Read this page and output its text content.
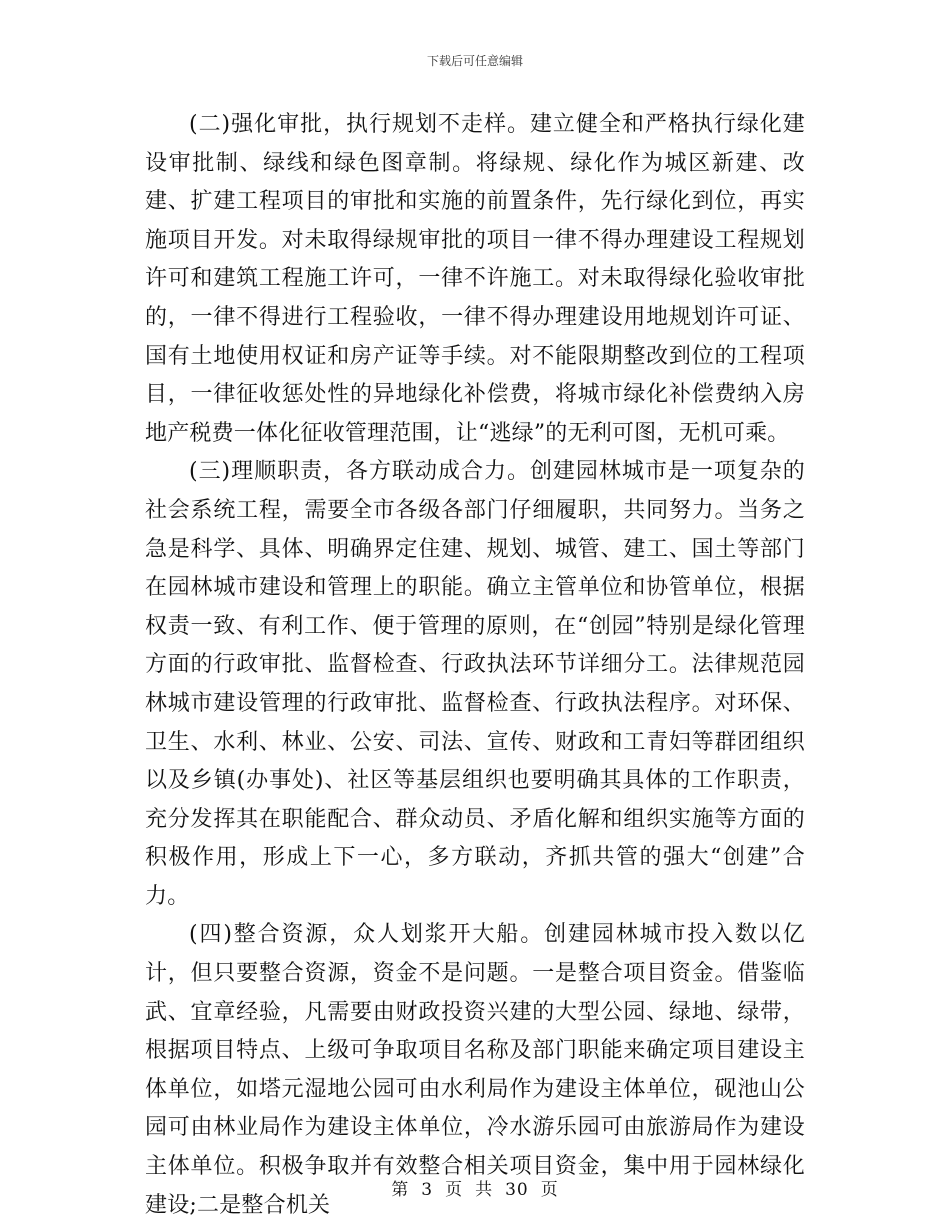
下载后可任意编辑

(二)强化审批，执行规划不走样。建立健全和严格执行绿化建设审批制、绿线和绿色图章制。将绿规、绿化作为城区新建、改建、扩建工程项目的审批和实施的前置条件，先行绿化到位，再实施项目开发。对未取得绿规审批的项目一律不得办理建设工程规划许可和建筑工程施工许可，一律不许施工。对未取得绿化验收审批的，一律不得进行工程验收，一律不得办理建设用地规划许可证、国有土地使用权证和房产证等手续。对不能限期整改到位的工程项目，一律征收惩处性的异地绿化补偿费，将城市绿化补偿费纳入房地产税费一体化征收管理范围，让“逃绿”的无利可图，无机可乘。

(三)理顺职责，各方联动成合力。创建园林城市是一项复杂的社会系统工程，需要全市各级各部门仔细履职，共同努力。当务之急是科学、具体、明确界定住建、规划、城管、建工、国土等部门在园林城市建设和管理上的职能。确立主管单位和协管单位，根据权责一致、有利工作、便于管理的原则，在“创园”特别是绿化管理方面的行政审批、监督检查、行政执法环节详细分工。法律规范园林城市建设管理的行政审批、监督检查、行政执法程序。对环保、卫生、水利、林业、公安、司法、宣传、财政和工青妇等群团组织以及乡镇(办事处)、社区等基层组织也要明确其具体的工作职责，充分发挥其在职能配合、群众动员、矛盾化解和组织实施等方面的积极作用，形成上下一心，多方联动，齐抓共管的强大“创建”合力。

(四)整合资源，众人划浆开大船。创建园林城市投入数以亿计，但只要整合资源，资金不是问题。一是整合项目资金。借鉴临武、宜章经验，凡需要由财政投资兴建的大型公园、绿地、绿带，根据项目特点、上级可争取项目名称及部门职能来确定项目建设主体单位，如塔元湿地公园可由水利局作为建设主体单位，砚池山公园可由林业局作为建设主体单位，冷水游乐园可由旅游局作为建设主体单位。积极争取并有效整合相关项目资金，集中用于园林绿化建设;二是整合机关

第 3 页 共 30 页
